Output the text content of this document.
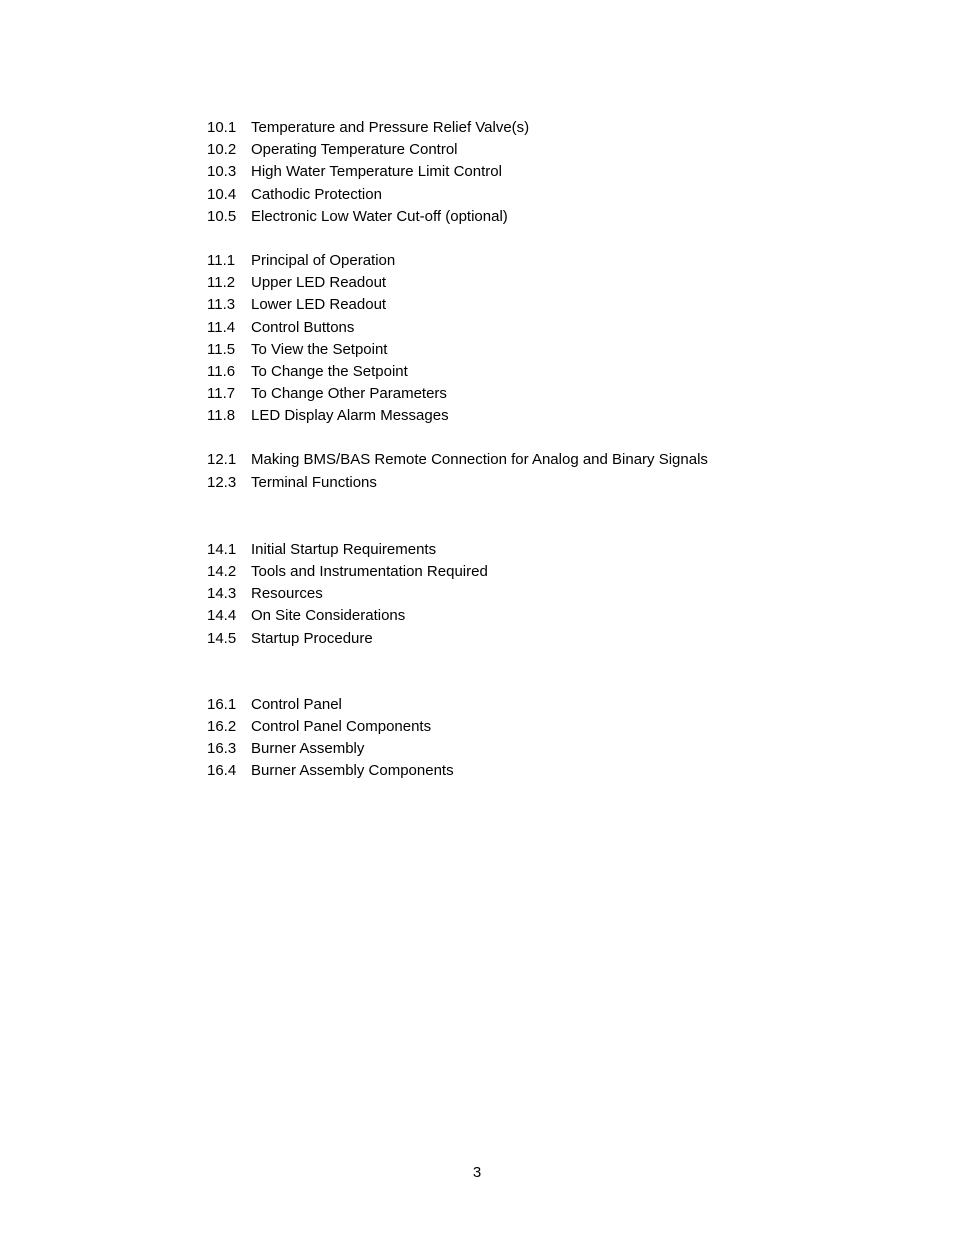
10.1 Temperature and Pressure Relief Valve(s)
10.2 Operating Temperature Control
10.3 High Water Temperature Limit Control
10.4 Cathodic Protection
10.5 Electronic Low Water Cut-off (optional)
11.1	Principal of Operation
11.2	Upper LED Readout
11.3	Lower LED Readout
11.4	Control Buttons
11.5	To View the Setpoint
11.6	To Change the Setpoint
11.7	To Change Other Parameters
11.8	LED Display Alarm Messages
12.1 Making BMS/BAS Remote Connection for Analog and Binary Signals
12.3 Terminal Functions
14.1 Initial Startup Requirements
14.2 Tools and Instrumentation Required
14.3 Resources
14.4 On Site Considerations
14.5 Startup Procedure
16.1 Control Panel
16.2 Control Panel Components
16.3 Burner Assembly
16.4 Burner Assembly Components
3
